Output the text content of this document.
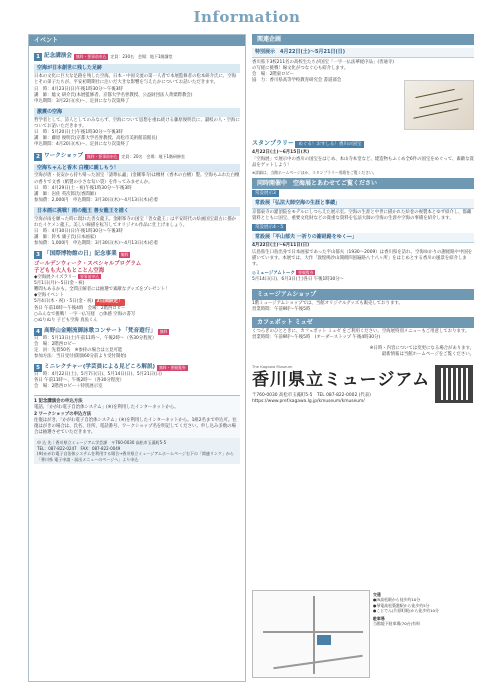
Information
イベント
1 記念講演会	無料・要事前申込	定員：230名　会場：地下1階講堂
空海が日本創世に残した足跡

日本の文化に巨大な足跡を残した空海。日本・中国交流の第一人者で本展監修者の松本研介氏に、空海とその弟子たちが、平安初期期社に注いだ大きな影響を与えたかについてお話いただきます。

日　時：4月23日(日)午後1時30分〜午後3時
講　師：総文 研介氏(本展監修者、京都大学名誉教授、公益財団法人黄檗際教会)
申込期間：3月22日(水)〜、定員になり次第終了
激震の空海

哲学者として、詩人としてのみならず、空海について思想を重ね続ける藤原俊明氏に、讃岐の人・空海についてお話いただきます。

日　時：5月20日(土)午後1時30分〜午後3時
講　師：藤原 俊明氏(京都大学名誉教授、高松市美術館前館長)
申込期間：4月20日(木)〜、定員になり次第終了
2 ワークショップ	無料・要事前申込	定員：20名　会場：地下1階研修室
空海ちゃんと香木 白檀に親しもう！

空海が唐・長安から持ち帰った国宝「諸尊仏龕」(金剛峯寺)は檀材（香木の白檀）製。空海もふれた白檀の香りで文香（紙製の小さな匂い袋）を作ってみませんか。

日　時：4月29日(土・祝)午後1時30分〜午後3時
講　師：岩佐 英次郎氏(香間師)
参加費：2,000円　申込期間：3月30日(木)〜4月13日(木)必着
日本画に挑戦！雨の龍王 善女龍王を描く

空海が雨を願った時に現れた善女龍王。金剛峯寺の国宝「善女龍王」は平安時代の絵画国宝最古に描かれたイケメン龍王。美しい線描を転写してオリジナル作品に仕上げましょう。

日　時：4月30日(日)午後1時30分〜午後3時
講　師：鈴木 庸子氏(日本画家)
参加費：1,000円　申込期間：3月30日(木)〜4月13日(木)必着
3 「国際博物館の日」記念事業	無料
ゴールデンウィーク・スペシャルプログラム
子どもも大人もとことん空海
◆空海展クイズラリー 要事前申込
5月1日(月)〜5日(金・祝)
難問もあるかも。全問正解者には抽選で素敵なグッズをプレゼント！
◆空海イベント
5月4日(木・祝)・5日(金・祝) 2日間限定！
各日 午前10時〜午後4時　会場：2階西ロビー
○みんなで挑戦！一字一仏写経　○体感 空海の書写
○ぬりぬり 子ども空海 真魚くん
4 高野山金剛流御詠歌コンサート「梵音遊行」	無料
日　時：5月13日(土)午前11時〜、午後2時〜（各30分程度）
会　場：2階西ロビー
定　員：先着50名　※参拝の場合は立見可能
参加方法：当日受付(開演60分前より受付開始)
5 ミニレクチャー(学芸員による見どころ解説)	無料・要観覧券
日　時：4月22日(土)、5月7日(日)、5月14日(日)、5月21日(日)
各日 午前11時〜、午後2時〜（各30分程度）
会　場：2階西ロビー＋特別展示室
1 記念講演会の申込方法
電話、「かがわ電子自治体システム」(※)を利用したインターネットから。
2 ワークショップの申込方法
往復はがき、「かがわ電子自治体システム」(※)を利用したインターネットから。1組2名まで申込可。往復はがきの場合は、氏名、住所、電話番号、ワークショップ名を明記してください。申し込み多数の場合は抽選させていただきます。
申 込 先｜香川県立ミュージアム学芸課　〒760-0030 高松市玉藻町5-5
TEL：087-822-0247　FAX：087-822-0049
(※)かがわ電子自治体システムを利用する場合→香川県立ミュージアムホームページ右下の「関連リンク」から「香川県 電子申請・届出メニューのページへ」より申込
関連企画
特別展示　4月22日(土)〜5月21日(日)

香川県下3校211名の高校生たちが国宝「一字一仏法華経序品」(善通寺)の写経に挑戦！線文化がつなぐ心も紹介します。

会　場：2階東ロビー
協　力：香川県高等学校教育研究会 書道部会
スタンプラリー めぐる！おすしる！香川の国宝
4月22日(土)〜6月15日(木)

「空海展」で展示中の香川の国宝をはじめ、本山寺本堂など、建造物もふくめ全6件の国宝をめぐって、素敵な賞品をゲットしよう！

※詳細は、当館ホームページほか、スタンプラリー用紙をご覧ください。
同時開催中　空海展とあわせてご覧ください
常設展示3
常設展「弘法大師空海の生涯と事績」

京都東寺の灌頂院をモデルにしつらえた展示室。空海の生涯と中世に描かれた絵巻の複製本とゆず紹介し、都藏資料とともに国宝、重要文化財などの貴重な資料を弘法大師の空海の生涯や空海の事績を紹介します。

常設展示4・5
常設展「平山郁夫 一祈りの謝経路をゆく―」
4月22日(土)〜6月11日(日)

広島県生口島出身で日本画家であった平山郁夫（1930〜2009）は香川県を訪れ、空海ゆかりの謝経路や中国を描いています。本展では、大作「敦煌鳴沙山開朗四国遍路八十八ヶ所」をはじめとする香川の風景を紹介します。

◎ミュージアムトーク 要観覧券
5月14日(日)、6月3日(土)各日 午後1時30分〜
ミュージアムショップ

1階ミュージアムショップでは、当館オリジナルグッズも販売しております。

営業時間：午前9時〜午後5時
カフェボット ミュゼ

くつろぎのひとときに、カフェボット ミュゼ をご利用ください。空海展特別メニューもご用意しております。

営業時間：午前9時〜午後5時　(オーダーストップ 午後4時30分)
※日時・内容については変更になる場合があります。
最新情報は当館ホームページをご覧ください。
The Kagawa Museum
香川県立ミュージアム
〒760-0030 高松市玉藻町5-5　TEL 087-822-0002 (代表)
https://www.pref.kagawa.lg.jp/kmuseum/kmuseum/
交通
●JR高松駅から徒歩約10分
●琴電高松築港駅から徒歩約5分
●ことでん(片原町駅)から徒歩約10分
駐車場
当館地下駐車場(70台)有料
